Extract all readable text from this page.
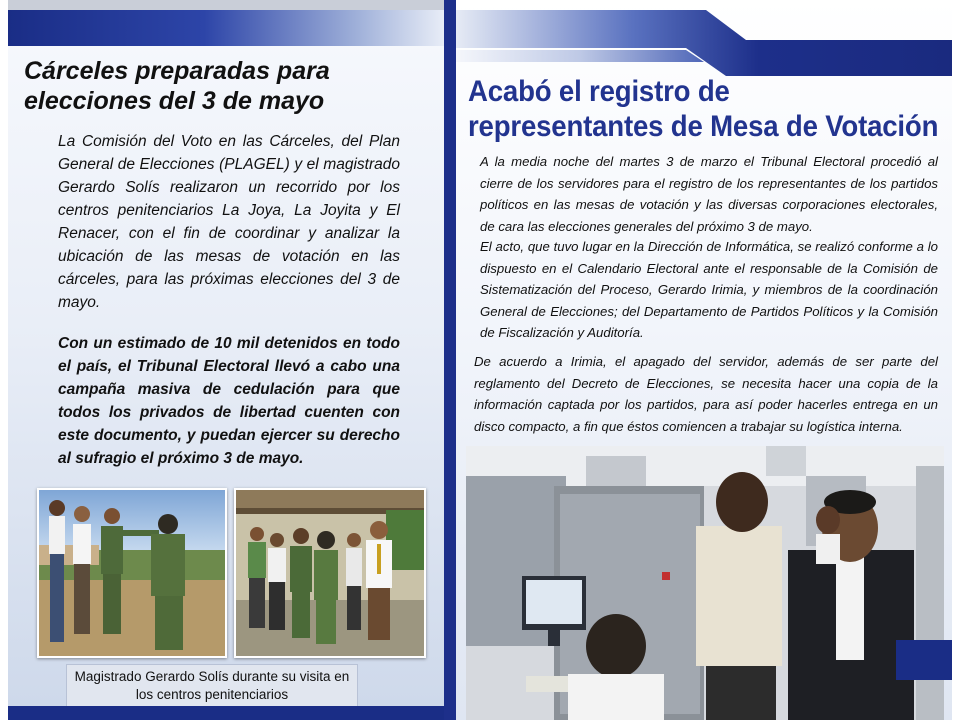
Cárceles preparadas para elecciones del 3 de mayo

La Comisión del Voto en las Cárceles, del Plan General de Elecciones (PLAGEL) y el magistrado Gerardo Solís realizaron un recorrido por los centros penitenciarios La Joya, La Joyita y El Renacer, con el fin de coordinar y analizar la ubicación de las mesas de votación en las cárceles, para las próximas elecciones del 3 de mayo.

Con un estimado de 10 mil detenidos en todo el país, el Tribunal Electoral llevó a cabo una campaña masiva de cedulación para que todos los privados de libertad cuenten con este documento, y puedan ejercer su derecho al sufragio el próximo 3 de mayo.

Magistrado Gerardo Solís durante su visita en los centros penitenciarios

Acabó el registro de
representantes de Mesa de Votación

A la media noche del martes 3 de marzo el Tribunal Electoral procedió al cierre de los servidores para el registro de los representantes de los partidos políticos en las mesas de votación y las diversas corporaciones electorales, de cara las elecciones generales del próximo 3 de mayo.

El acto, que tuvo lugar en la Dirección de Informática, se realizó conforme a lo dispuesto en el Calendario Electoral ante el responsable de la Comisión de Sistematización del Proceso, Gerardo Irimia, y miembros de la coordinación General de Elecciones; del Departamento de Partidos Políticos y la Comisión de Fiscalización y Auditoría.

De acuerdo a Irimia, el apagado del servidor, además de ser parte del reglamento del Decreto de Elecciones, se necesita hacer una copia de la información captada por los partidos, para así poder hacerles entrega en un disco compacto, a fin que éstos comiencen a trabajar su logística interna.
